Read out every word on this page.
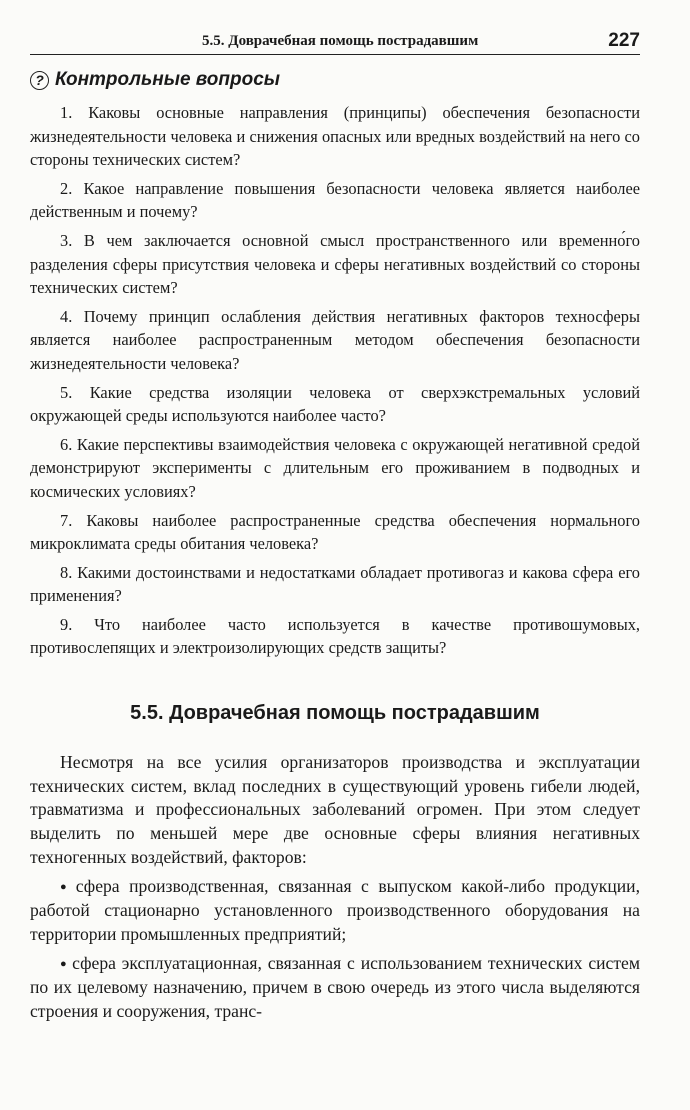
5.5. Доврачебная помощь пострадавшим	227
? Контрольные вопросы

1. Каковы основные направления (принципы) обеспечения безопасности жизнедеятельности человека и снижения опасных или вредных воздействий на него со стороны технических систем?

2. Какое направление повышения безопасности человека является наиболее действенным и почему?

3. В чем заключается основной смысл пространственного или временно́го разделения сферы присутствия человека и сферы негативных воздействий со стороны технических систем?

4. Почему принцип ослабления действия негативных факторов техносферы является наиболее распространенным методом обеспечения безопасности жизнедеятельности человека?

5. Какие средства изоляции человека от сверхэкстремальных условий окружающей среды используются наиболее часто?

6. Какие перспективы взаимодействия человека с окружающей негативной средой демонстрируют эксперименты с длительным его проживанием в подводных и космических условиях?

7. Каковы наиболее распространенные средства обеспечения нормального микроклимата среды обитания человека?

8. Какими достоинствами и недостатками обладает противогаз и какова сфера его применения?

9. Что наиболее часто используется в качестве противошумовых, противослепящих и электроизолирующих средств защиты?

5.5. Доврачебная помощь пострадавшим

Несмотря на все усилия организаторов производства и эксплуатации технических систем, вклад последних в существующий уровень гибели людей, травматизма и профессиональных заболеваний огромен. При этом следует выделить по меньшей мере две основные сферы влияния негативных техногенных воздействий, факторов:

● сфера производственная, связанная с выпуском какой-либо продукции, работой стационарно установленного производственного оборудования на территории промышленных предприятий;

● сфера эксплуатационная, связанная с использованием технических систем по их целевому назначению, причем в свою очередь из этого числа выделяются строения и сооружения, транс-
